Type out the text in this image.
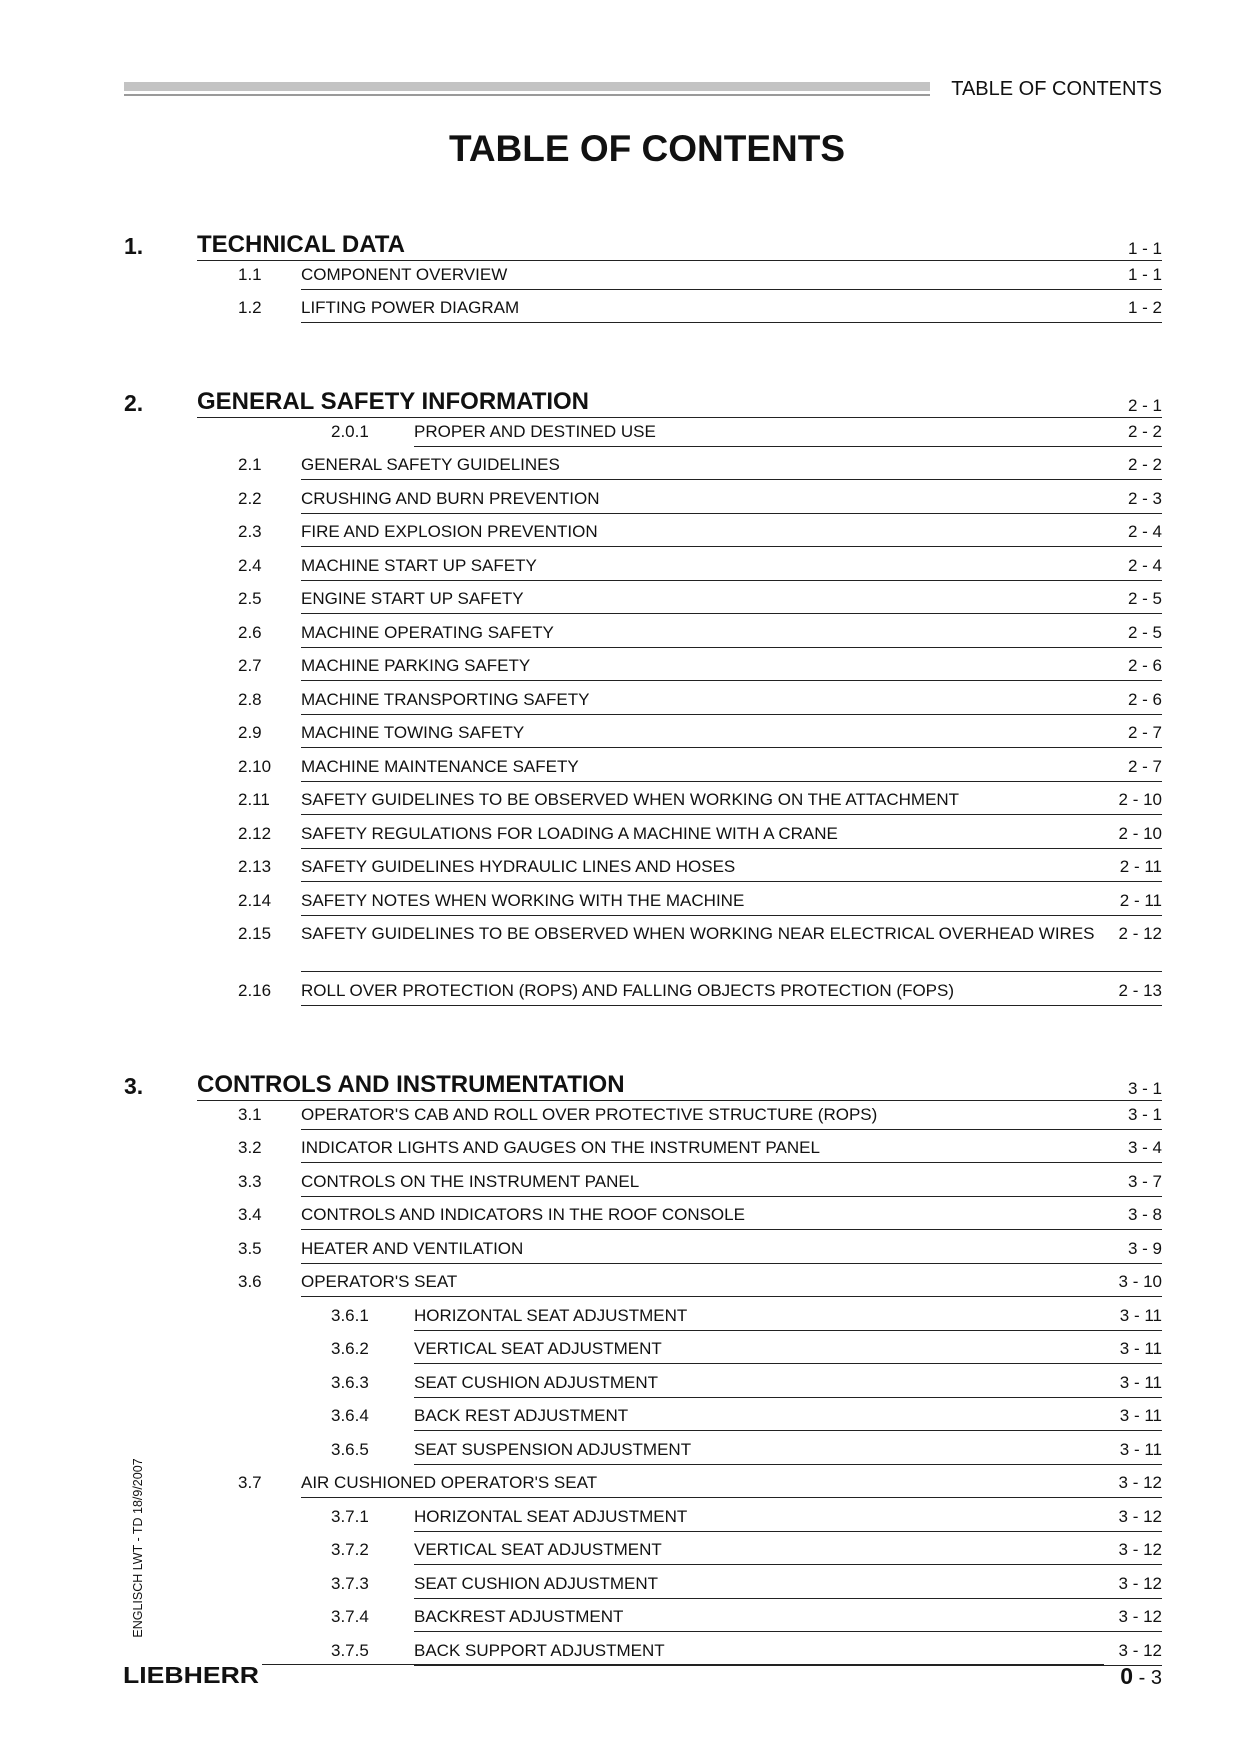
TABLE OF CONTENTS
TABLE OF CONTENTS
1. TECHNICAL DATA	1 - 1
1.1 COMPONENT OVERVIEW	1 - 1
1.2 LIFTING POWER DIAGRAM	1 - 2
2. GENERAL SAFETY INFORMATION	2 - 1
2.0.1	PROPER AND DESTINED USE	2 - 2
2.1 GENERAL SAFETY GUIDELINES	2 - 2
2.2 CRUSHING AND BURN PREVENTION	2 - 3
2.3 FIRE AND EXPLOSION PREVENTION	2 - 4
2.4 MACHINE START UP SAFETY	2 - 4
2.5 ENGINE START UP SAFETY	2 - 5
2.6 MACHINE OPERATING SAFETY	2 - 5
2.7 MACHINE PARKING SAFETY	2 - 6
2.8 MACHINE TRANSPORTING SAFETY	2 - 6
2.9 MACHINE TOWING SAFETY	2 - 7
2.10 MACHINE MAINTENANCE SAFETY	2 - 7
2.11 SAFETY GUIDELINES TO BE OBSERVED WHEN WORKING ON THE ATTACHMENT	2 - 10
2.12 SAFETY REGULATIONS FOR LOADING A MACHINE WITH A CRANE	2 - 10
2.13 SAFETY GUIDELINES HYDRAULIC LINES AND HOSES	2 - 11
2.14 SAFETY NOTES WHEN WORKING WITH THE MACHINE	2 - 11
2.15 SAFETY GUIDELINES TO BE OBSERVED WHEN WORKING NEAR ELECTRICAL OVERHEAD WIRES	2 - 12
2.16 ROLL OVER PROTECTION (ROPS) AND FALLING OBJECTS PROTECTION (FOPS)	2 - 13
3. CONTROLS AND INSTRUMENTATION	3 - 1
3.1 OPERATOR'S CAB AND ROLL OVER PROTECTIVE STRUCTURE (ROPS)	3 - 1
3.2 INDICATOR LIGHTS AND GAUGES ON THE INSTRUMENT PANEL	3 - 4
3.3 CONTROLS ON THE INSTRUMENT PANEL	3 - 7
3.4 CONTROLS AND INDICATORS IN THE ROOF CONSOLE	3 - 8
3.5 HEATER AND VENTILATION	3 - 9
3.6 OPERATOR'S SEAT	3 - 10
3.6.1	HORIZONTAL SEAT ADJUSTMENT	3 - 11
3.6.2	VERTICAL SEAT ADJUSTMENT	3 - 11
3.6.3	SEAT CUSHION ADJUSTMENT	3 - 11
3.6.4	BACK REST ADJUSTMENT	3 - 11
3.6.5	SEAT SUSPENSION ADJUSTMENT	3 - 11
3.7 AIR CUSHIONED OPERATOR'S SEAT	3 - 12
3.7.1	HORIZONTAL SEAT ADJUSTMENT	3 - 12
3.7.2	VERTICAL SEAT ADJUSTMENT	3 - 12
3.7.3	SEAT CUSHION ADJUSTMENT	3 - 12
3.7.4	BACKREST ADJUSTMENT	3 - 12
3.7.5	BACK SUPPORT ADJUSTMENT	3 - 12
ENGLISCH LWT - TD 18/9/2007
LIEBHERR	0 - 3
